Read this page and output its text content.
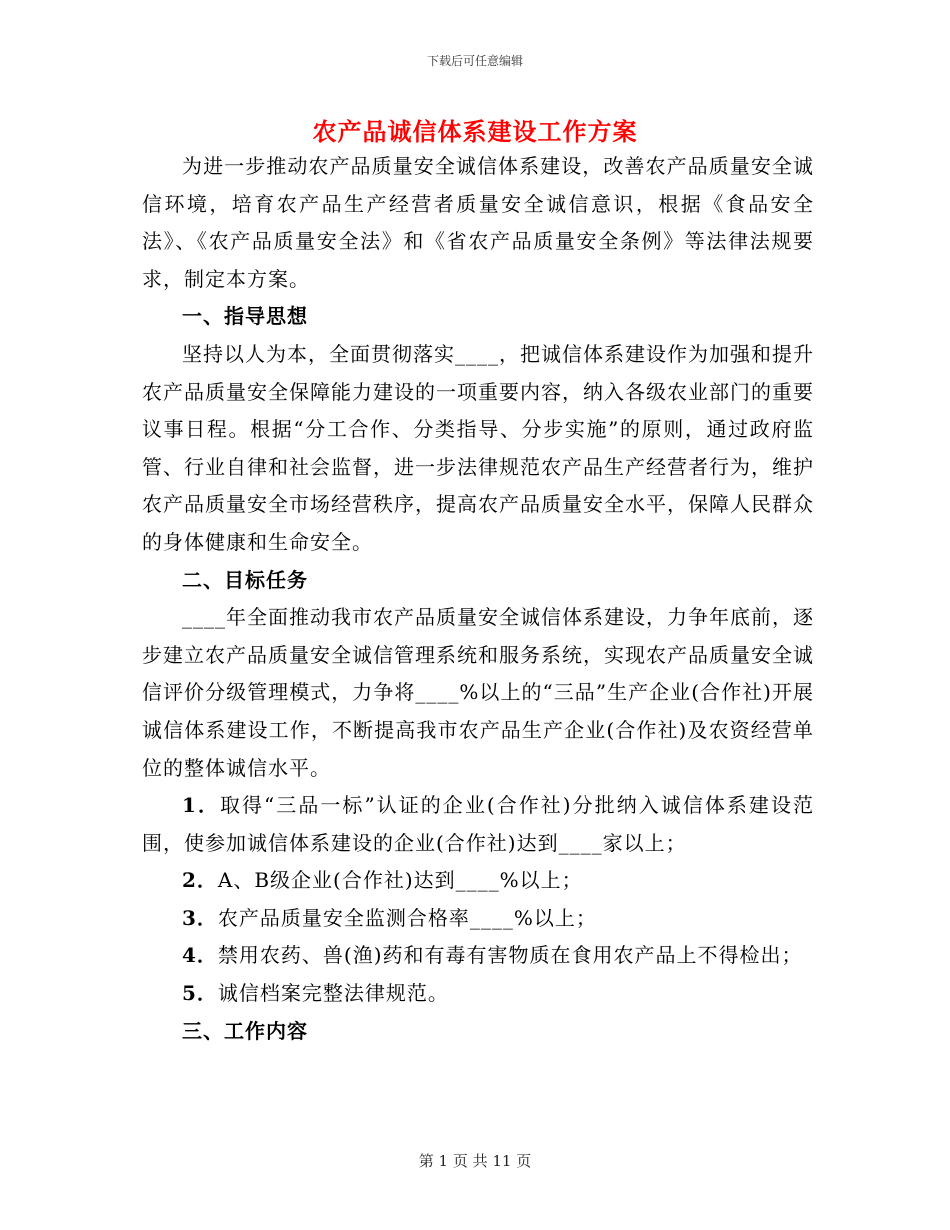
下载后可任意编辑
农产品诚信体系建设工作方案

为进一步推动农产品质量安全诚信体系建设，改善农产品质量安全诚信环境，培育农产品生产经营者质量安全诚信意识，根据《食品安全法》、《农产品质量安全法》和《省农产品质量安全条例》等法律法规要求，制定本方案。

一、指导思想

坚持以人为本，全面贯彻落实____，把诚信体系建设作为加强和提升农产品质量安全保障能力建设的一项重要内容，纳入各级农业部门的重要议事日程。根据“分工合作、分类指导、分步实施”的原则，通过政府监管、行业自律和社会监督，进一步法律规范农产品生产经营者行为，维护农产品质量安全市场经营秩序，提高农产品质量安全水平，保障人民群众的身体健康和生命安全。

二、目标任务

____年全面推动我市农产品质量安全诚信体系建设，力争年底前，逐步建立农产品质量安全诚信管理系统和服务系统，实现农产品质量安全诚信评价分级管理模式，力争将____%以上的“三品”生产企业(合作社)开展诚信体系建设工作，不断提高我市农产品生产企业(合作社)及农资经营单位的整体诚信水平。

1．取得“三品一标”认证的企业(合作社)分批纳入诚信体系建设范围，使参加诚信体系建设的企业(合作社)达到____家以上；

2．A、B级企业(合作社)达到____%以上；

3．农产品质量安全监测合格率____%以上；

4．禁用农药、兽(渔)药和有毒有害物质在食用农产品上不得检出；

5．诚信档案完整法律规范。

三、工作内容

第 1 页 共 11 页
